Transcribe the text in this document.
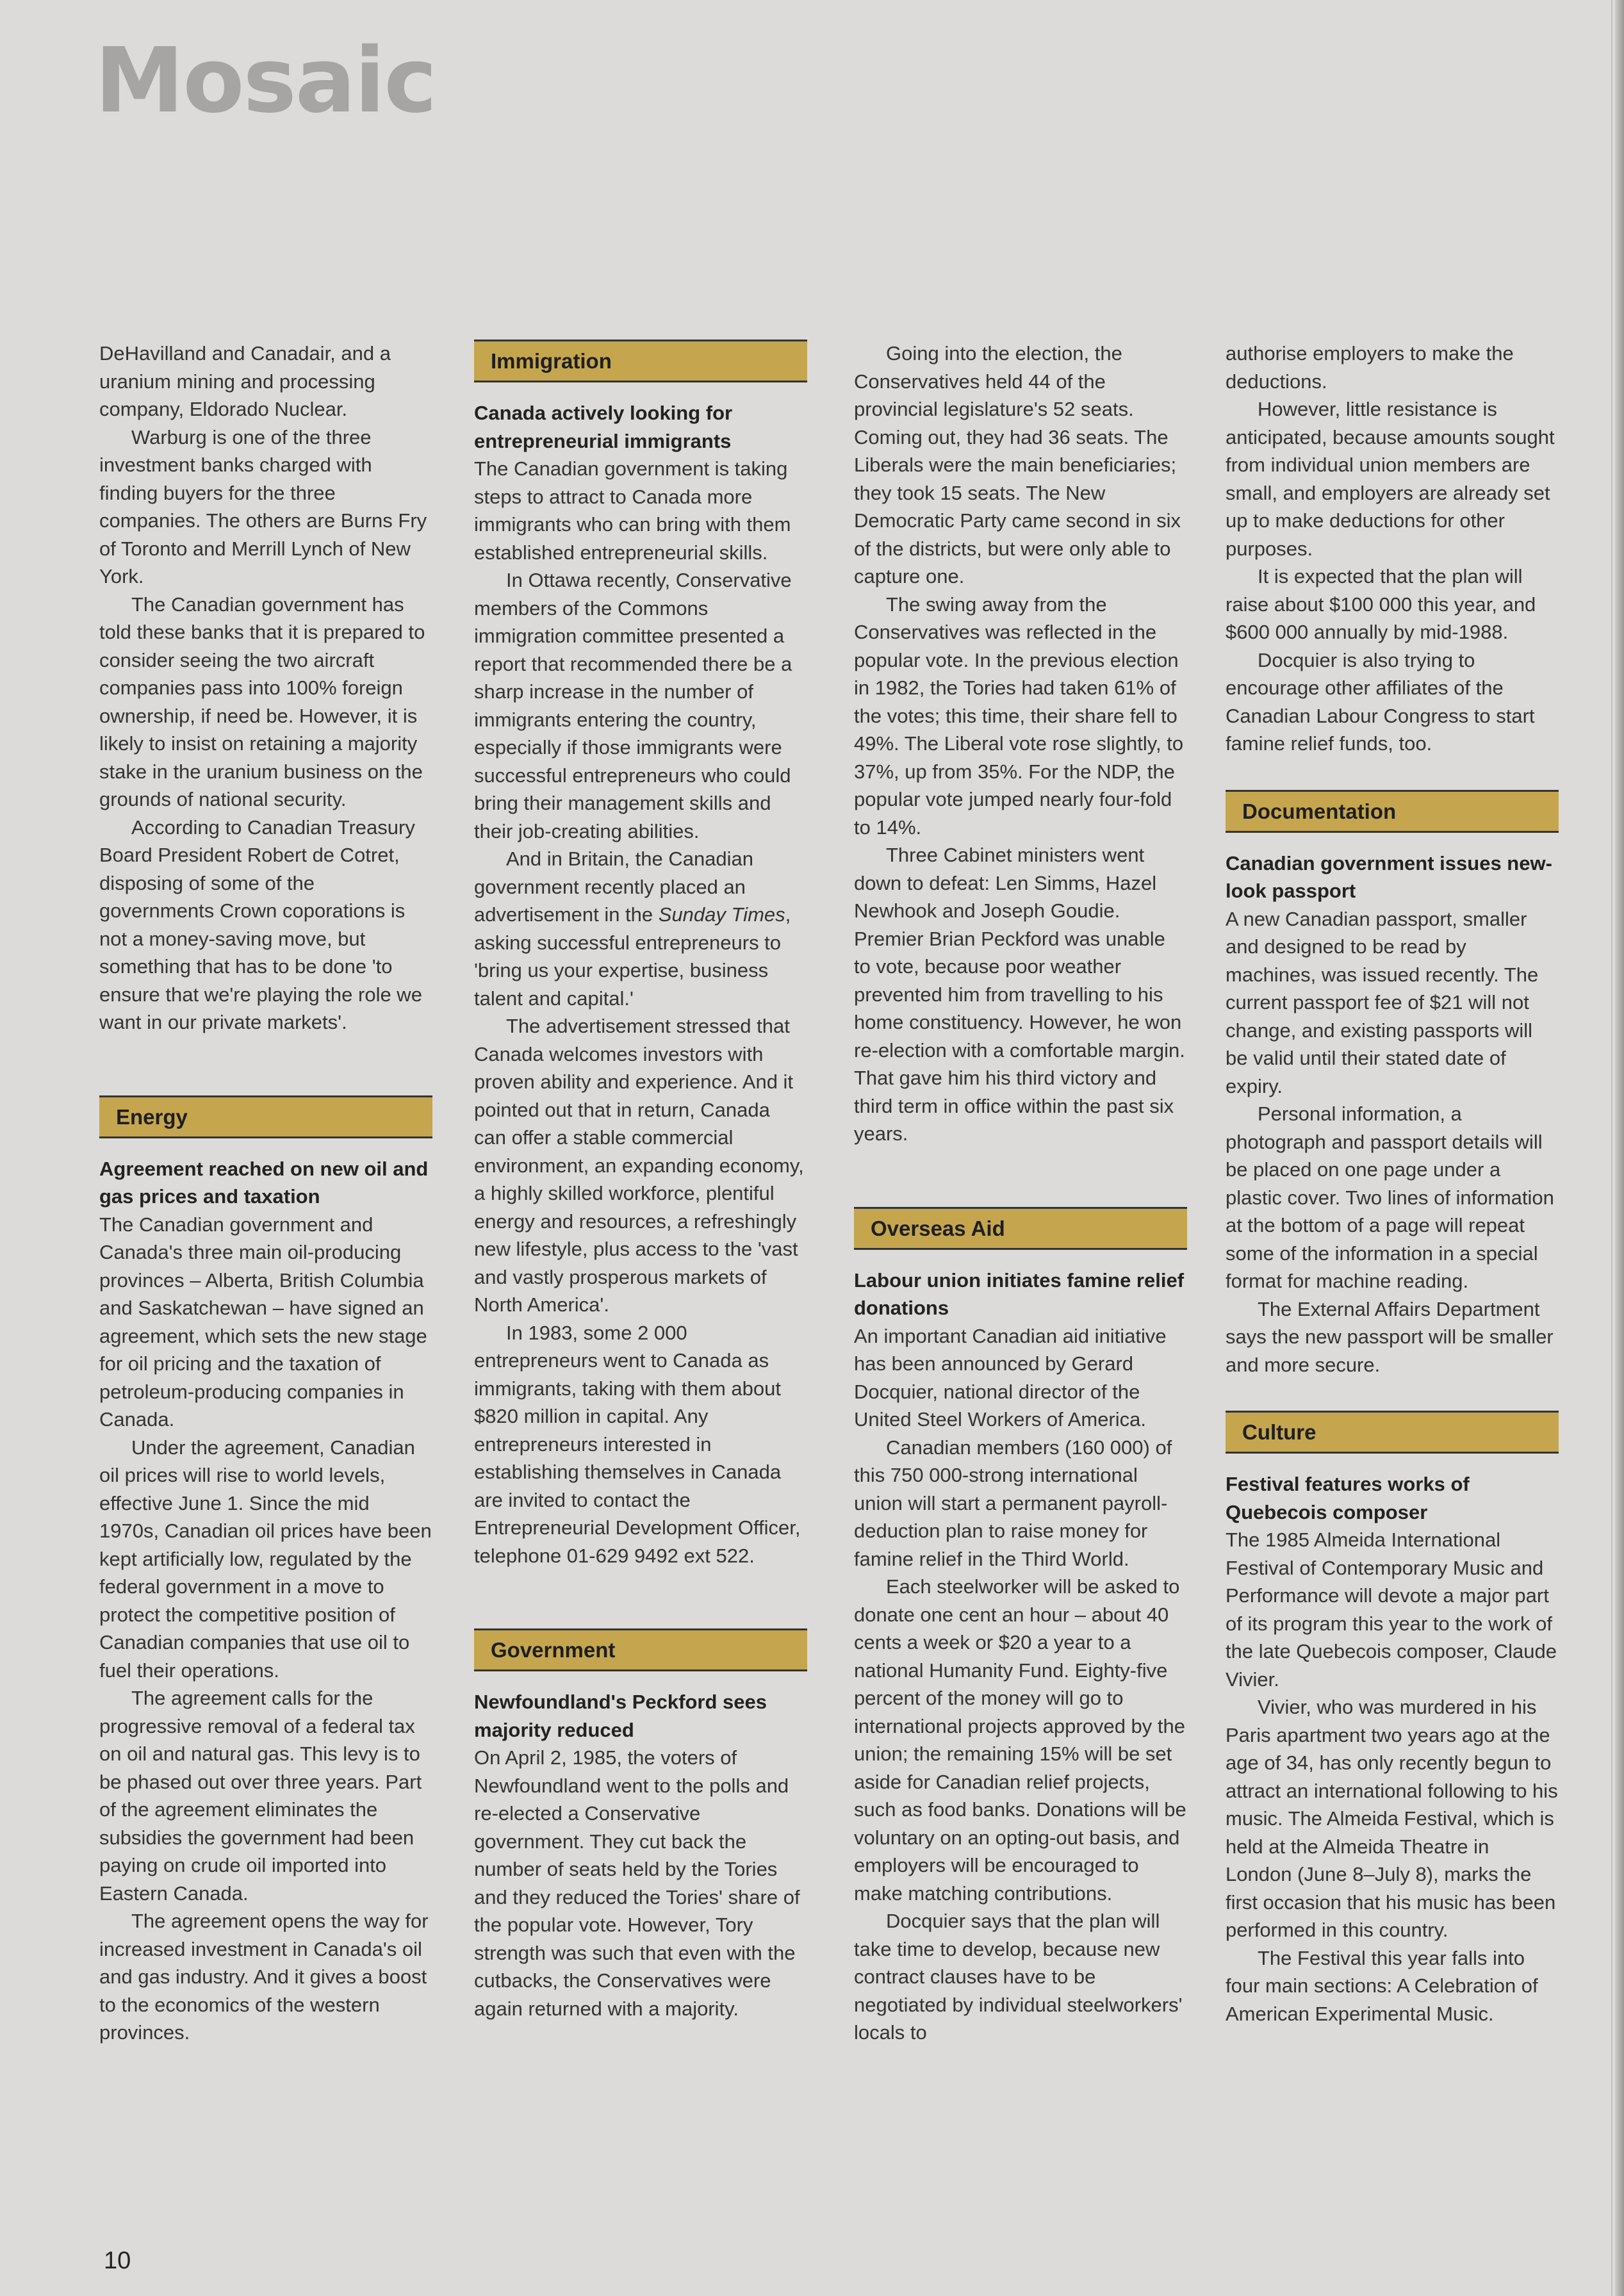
Mosaic

DeHavilland and Canadair, and a uranium mining and processing company, Eldorado Nuclear.

Warburg is one of the three investment banks charged with finding buyers for the three companies. The others are Burns Fry of Toronto and Merrill Lynch of New York.

The Canadian government has told these banks that it is prepared to consider seeing the two aircraft companies pass into 100% foreign ownership, if need be. However, it is likely to insist on retaining a majority stake in the uranium business on the grounds of national security.

According to Canadian Treasury Board President Robert de Cotret, disposing of some of the governments Crown coporations is not a money-saving move, but something that has to be done 'to ensure that we're playing the role we want in our private markets'.

Energy
Agreement reached on new oil and gas prices and taxation

The Canadian government and Canada's three main oil-producing provinces – Alberta, British Columbia and Saskatchewan – have signed an agreement, which sets the new stage for oil pricing and the taxation of petroleum-producing companies in Canada.

Under the agreement, Canadian oil prices will rise to world levels, effective June 1. Since the mid 1970s, Canadian oil prices have been kept artificially low, regulated by the federal government in a move to protect the competitive position of Canadian companies that use oil to fuel their operations.

The agreement calls for the progressive removal of a federal tax on oil and natural gas. This levy is to be phased out over three years. Part of the agreement eliminates the subsidies the government had been paying on crude oil imported into Eastern Canada.

The agreement opens the way for increased investment in Canada's oil and gas industry. And it gives a boost to the economics of the western provinces.

Immigration
Canada actively looking for entrepreneurial immigrants

The Canadian government is taking steps to attract to Canada more immigrants who can bring with them established entrepreneurial skills.

In Ottawa recently, Conservative members of the Commons immigration committee presented a report that recommended there be a sharp increase in the number of immigrants entering the country, especially if those immigrants were successful entrepreneurs who could bring their management skills and their job-creating abilities.

And in Britain, the Canadian government recently placed an advertisement in the Sunday Times, asking successful entrepreneurs to 'bring us your expertise, business talent and capital.'

The advertisement stressed that Canada welcomes investors with proven ability and experience. And it pointed out that in return, Canada can offer a stable commercial environment, an expanding economy, a highly skilled workforce, plentiful energy and resources, a refreshingly new lifestyle, plus access to the 'vast and vastly prosperous markets of North America'.

In 1983, some 2 000 entrepreneurs went to Canada as immigrants, taking with them about $820 million in capital. Any entrepreneurs interested in establishing themselves in Canada are invited to contact the Entrepreneurial Development Officer, telephone 01-629 9492 ext 522.

Government
Newfoundland's Peckford sees majority reduced

On April 2, 1985, the voters of Newfoundland went to the polls and re-elected a Conservative government. They cut back the number of seats held by the Tories and they reduced the Tories' share of the popular vote. However, Tory strength was such that even with the cutbacks, the Conservatives were again returned with a majority.

Going into the election, the Conservatives held 44 of the provincial legislature's 52 seats. Coming out, they had 36 seats. The Liberals were the main beneficiaries; they took 15 seats. The New Democratic Party came second in six of the districts, but were only able to capture one.

The swing away from the Conservatives was reflected in the popular vote. In the previous election in 1982, the Tories had taken 61% of the votes; this time, their share fell to 49%. The Liberal vote rose slightly, to 37%, up from 35%. For the NDP, the popular vote jumped nearly four-fold to 14%.

Three Cabinet ministers went down to defeat: Len Simms, Hazel Newhook and Joseph Goudie. Premier Brian Peckford was unable to vote, because poor weather prevented him from travelling to his home constituency. However, he won re-election with a comfortable margin. That gave him his third victory and third term in office within the past six years.

Overseas Aid
Labour union initiates famine relief donations

An important Canadian aid initiative has been announced by Gerard Docquier, national director of the United Steel Workers of America.

Canadian members (160 000) of this 750 000-strong international union will start a permanent payroll-deduction plan to raise money for famine relief in the Third World.

Each steelworker will be asked to donate one cent an hour – about 40 cents a week or $20 a year to a national Humanity Fund. Eighty-five percent of the money will go to international projects approved by the union; the remaining 15% will be set aside for Canadian relief projects, such as food banks. Donations will be voluntary on an opting-out basis, and employers will be encouraged to make matching contributions.

Docquier says that the plan will take time to develop, because new contract clauses have to be negotiated by individual steelworkers' locals to

authorise employers to make the deductions.

However, little resistance is anticipated, because amounts sought from individual union members are small, and employers are already set up to make deductions for other purposes.

It is expected that the plan will raise about $100 000 this year, and $600 000 annually by mid-1988.

Docquier is also trying to encourage other affiliates of the Canadian Labour Congress to start famine relief funds, too.

Documentation
Canadian government issues new-look passport

A new Canadian passport, smaller and designed to be read by machines, was issued recently. The current passport fee of $21 will not change, and existing passports will be valid until their stated date of expiry.

Personal information, a photograph and passport details will be placed on one page under a plastic cover. Two lines of information at the bottom of a page will repeat some of the information in a special format for machine reading.

The External Affairs Department says the new passport will be smaller and more secure.

Culture
Festival features works of Quebecois composer

The 1985 Almeida International Festival of Contemporary Music and Performance will devote a major part of its program this year to the work of the late Quebecois composer, Claude Vivier.

Vivier, who was murdered in his Paris apartment two years ago at the age of 34, has only recently begun to attract an international following to his music. The Almeida Festival, which is held at the Almeida Theatre in London (June 8–July 8), marks the first occasion that his music has been performed in this country.

The Festival this year falls into four main sections: A Celebration of American Experimental Music.

10
